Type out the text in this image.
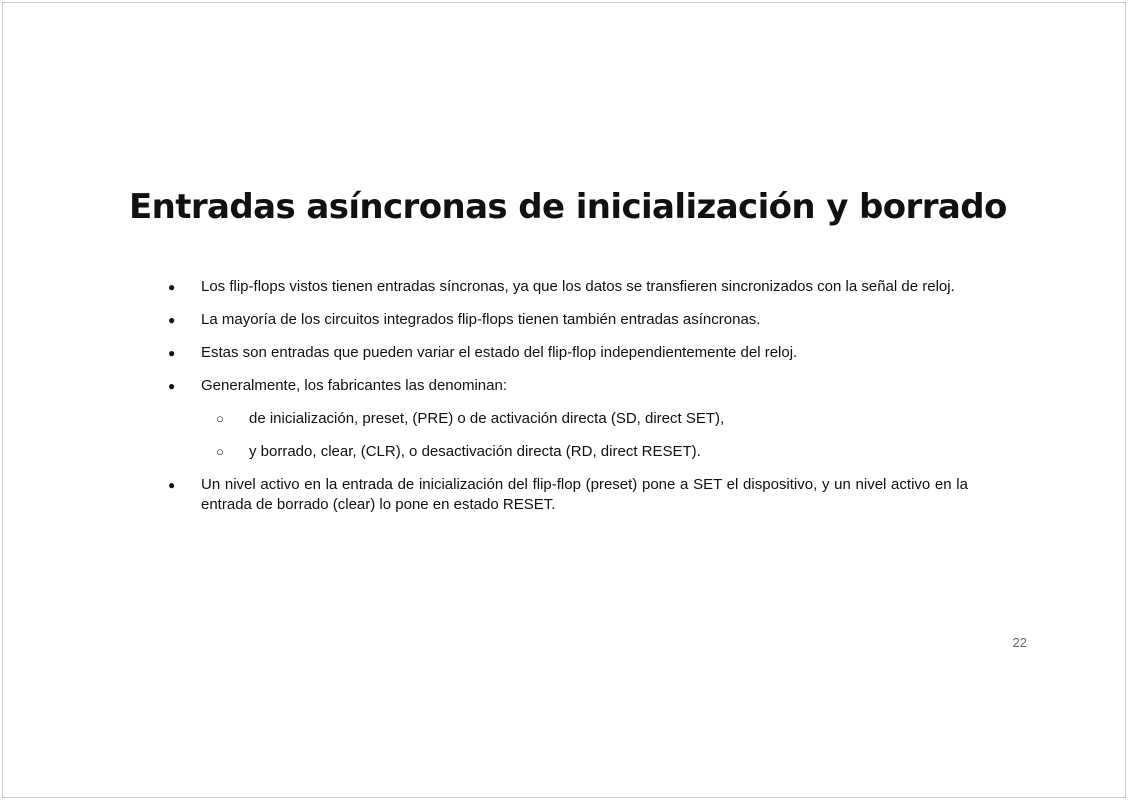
Entradas asíncronas de inicialización y borrado
● Los flip-flops vistos tienen entradas síncronas, ya que los datos se transfieren sincronizados con la señal de reloj.
● La mayoría de los circuitos integrados flip-flops tienen también entradas asíncronas.
● Estas son entradas que pueden variar el estado del flip-flop independientemente del reloj.
● Generalmente, los fabricantes las denominan:
○ de inicialización, preset, (PRE) o de activación directa (SD, direct SET),
○ y borrado, clear, (CLR), o desactivación directa (RD, direct RESET).
● Un nivel activo en la entrada de inicialización del flip-flop (preset) pone a SET el dispositivo, y un nivel activo en la entrada de borrado (clear) lo pone en estado RESET.
22
